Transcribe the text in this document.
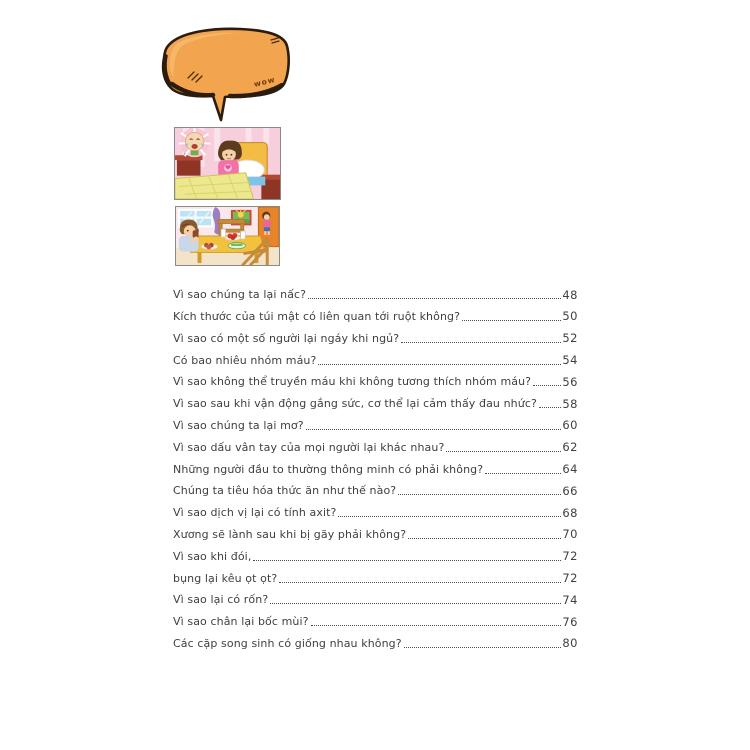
wow
Vì sao chúng ta lại nấc?	48
Kích thước của túi mật có liên quan tới ruột không?	50
Vì sao có một số người lại ngáy khi ngủ?	52
Có bao nhiêu nhóm máu?	54
Vì sao không thể truyền máu khi không tương thích nhóm máu?	56
Vì sao sau khi vận động gắng sức, cơ thể lại cảm thấy đau nhức? 58
Vì sao chúng ta lại mơ?	60
Vì sao dấu vân tay của mọi người lại khác nhau?	62
Những người đầu to thường thông minh có phải không?	64
Chúng ta tiêu hóa thức ăn như thế nào?	66
Vì sao dịch vị lại có tính axit?	68
Xương sẽ lành sau khi bị gãy phải không?	70
Vì sao khi đói,	72
bụng lại kêu ọt ọt?	72
Vì sao lại có rốn?	74
Vì sao chân lại bốc mùi?	76
Các cặp song sinh có giống nhau không?	80
